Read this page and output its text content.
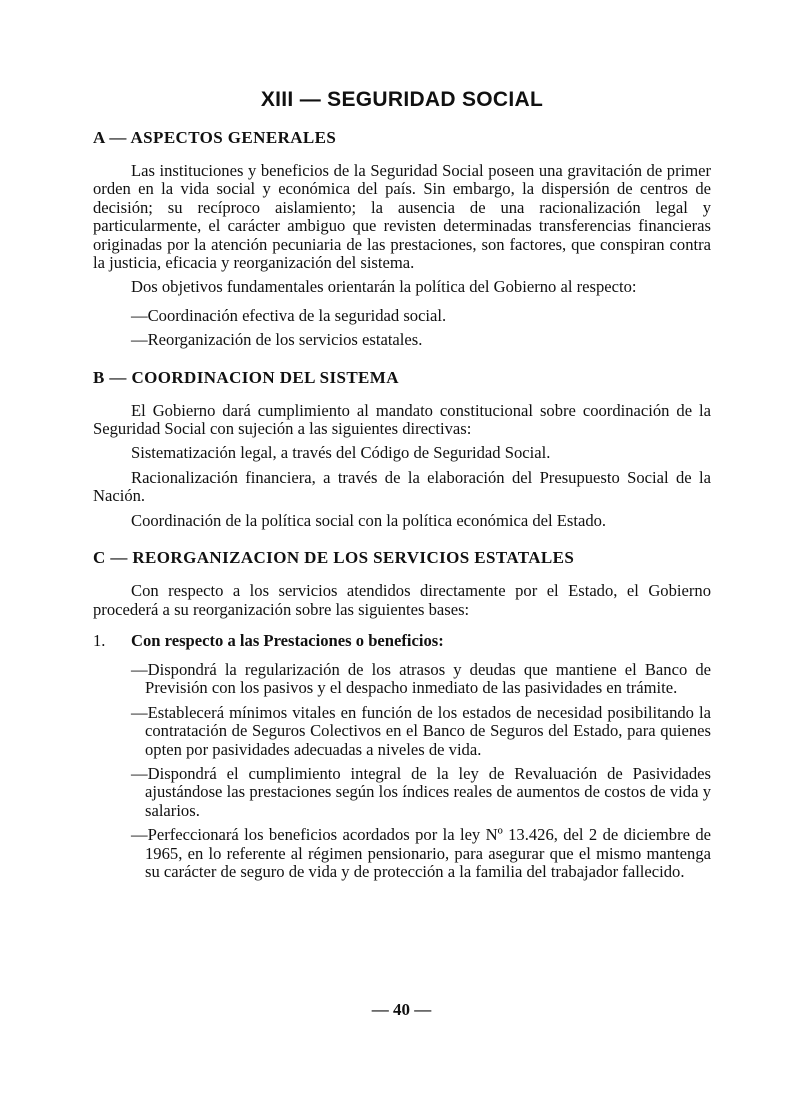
XIII — SEGURIDAD SOCIAL
A — ASPECTOS GENERALES

Las instituciones y beneficios de la Seguridad Social poseen una gravitación de primer orden en la vida social y económica del país. Sin embargo, la dispersión de centros de decisión; su recíproco aislamiento; la ausencia de una racionalización legal y particularmente, el carácter ambiguo que revisten determinadas transferencias financieras originadas por la atención pecuniaria de las prestaciones, son factores, que conspiran contra la justicia, eficacia y reorganización del sistema.

Dos objetivos fundamentales orientarán la política del Gobierno al respecto:

—Coordinación efectiva de la seguridad social.

—Reorganización de los servicios estatales.

B — COORDINACION DEL SISTEMA

El Gobierno dará cumplimiento al mandato constitucional sobre coordinación de la Seguridad Social con sujeción a las siguientes directivas:

Sistematización legal, a través del Código de Seguridad Social.

Racionalización financiera, a través de la elaboración del Presupuesto Social de la Nación.

Coordinación de la política social con la política económica del Estado.

C — REORGANIZACION DE LOS SERVICIOS ESTATALES

Con respecto a los servicios atendidos directamente por el Estado, el Gobierno procederá a su reorganización sobre las siguientes bases:

1.	Con respecto a las Prestaciones o beneficios:

—Dispondrá la regularización de los atrasos y deudas que mantiene el Banco de Previsión con los pasivos y el despacho inmediato de las pasividades en trámite.

—Establecerá mínimos vitales en función de los estados de necesidad posibilitando la contratación de Seguros Colectivos en el Banco de Seguros del Estado, para quienes opten por pasividades adecuadas a niveles de vida.

—Dispondrá el cumplimiento integral de la ley de Revaluación de Pasividades ajustándose las prestaciones según los índices reales de aumentos de costos de vida y salarios.

—Perfeccionará los beneficios acordados por la ley Nº 13.426, del 2 de diciembre de 1965, en lo referente al régimen pensionario, para asegurar que el mismo mantenga su carácter de seguro de vida y de protección a la familia del trabajador fallecido.

— 40 —
